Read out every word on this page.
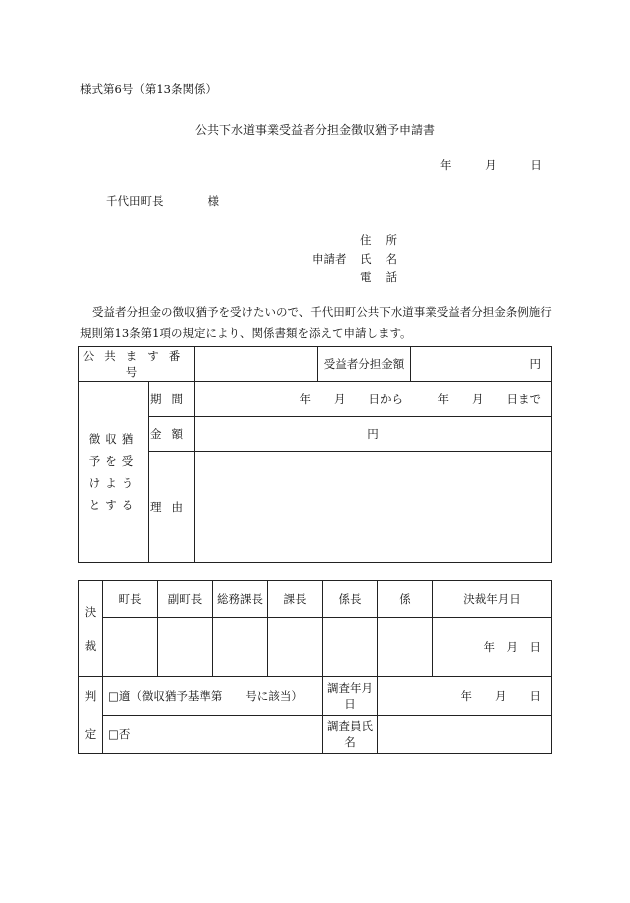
様式第6号（第13条関係）
公共下水道事業受益者分担金徴収猶予申請書
年	月	日
千代田町長	様
住所
申請者	氏名
電話
受益者分担金の徴収猶予を受けたいので、千代田町公共下水道事業受益者分担金条例施行規則第13条第1項の規定により、関係書類を添えて申請します。
公共ます番号			受益者分担金額	円
徴収猶予を受けようとする	期間	年　　月　　日から　　　年　　月　　日まで		
	金額	円		
	理由			
決裁	町長	副町長	総務課長	課長	係長	係	決裁年月日
							年　月　日
判定	□適（徴収猶予基準第　　号に該当）				調査年月日	年　　月　　日	
	□否				調査員氏名		
